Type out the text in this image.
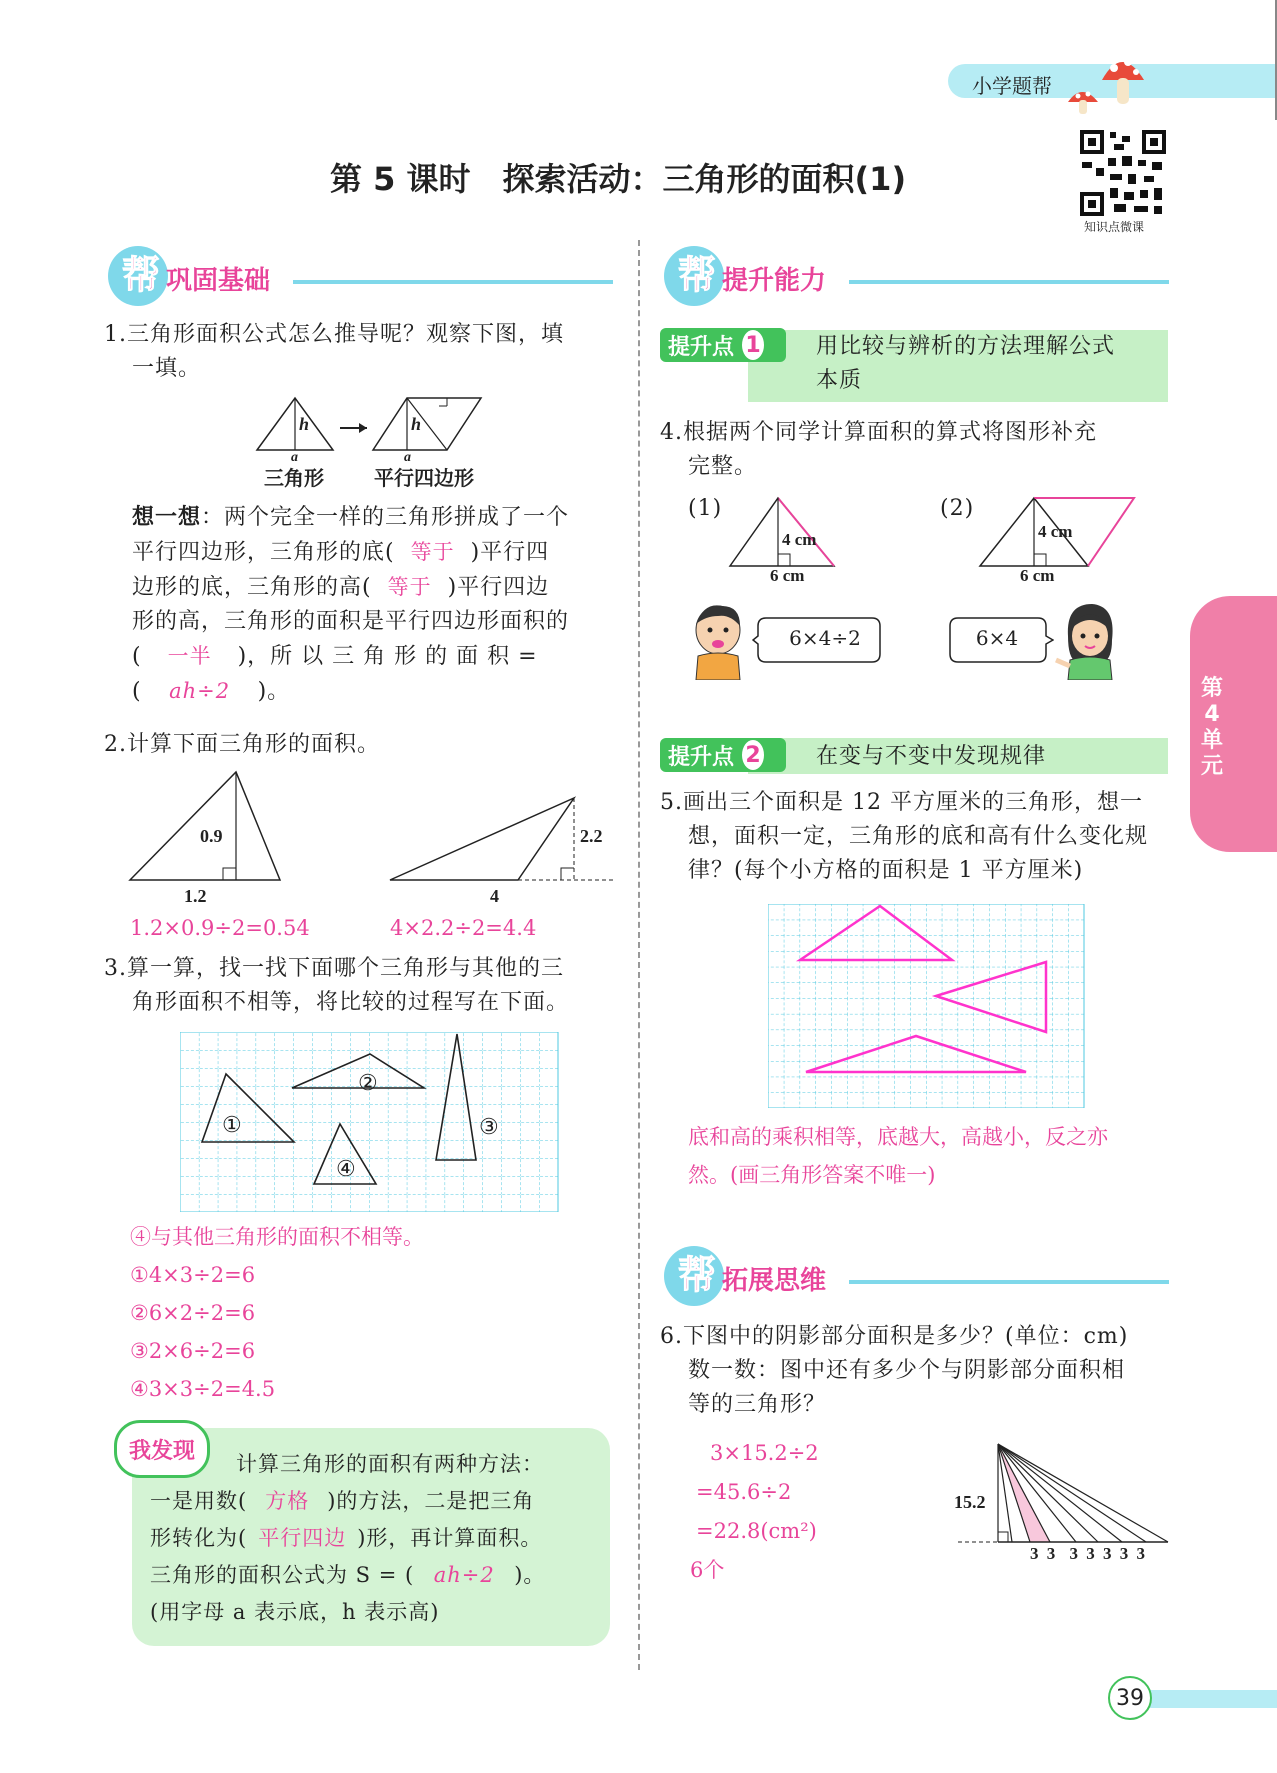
小学题帮
知识点微课
第 5 课时　探索活动：三角形的面积(1)
帮 巩固基础
1.三角形面积公式怎么推导呢？观察下图，填
一填。
h
a
h
a
三角形	平行四边形
想一想：两个完全一样的三角形拼成了一个
平行四边形，三角形的底( 等于 )平行四
边形的底，三角形的高( 等于 )平行四边
形的高，三角形的面积是平行四边形面积的
( 一半 )，所 以 三 角 形 的 面 积 =
( ah÷2 )。
2.计算下面三角形的面积。
0.9
1.2
2.2
4
1.2×0.9÷2=0.54	4×2.2÷2=4.4
3.算一算，找一找下面哪个三角形与其他的三
角形面积不相等，将比较的过程写在下面。
①
②
③
④
④与其他三角形的面积不相等。
①4×3÷2=6
②6×2÷2=6
③2×6÷2=6
④3×3÷2=4.5
我发现
计算三角形的面积有两种方法：
一是用数( 方格 )的方法，二是把三角
形转化为( 平行四边 )形，再计算面积。
三角形的面积公式为 S = ( ah÷2 )。
(用字母 a 表示底，h 表示高)
帮 提升能力
提升点 1	用比较与辨析的方法理解公式
本质
4.根据两个同学计算面积的算式将图形补充
完整。
(1)	(2)
4 cm
6 cm
4 cm
6 cm
6×4÷2	6×4
提升点 2	在变与不变中发现规律
5.画出三个面积是 12 平方厘米的三角形，想一
想，面积一定，三角形的底和高有什么变化规
律？(每个小方格的面积是 1 平方厘米)
底和高的乘积相等，底越大，高越小，反之亦
然。(画三角形答案不唯一)
帮 拓展思维
6.下图中的阴影部分面积是多少？(单位：cm)
数一数：图中还有多少个与阴影部分面积相
等的三角形？
3×15.2÷2
=45.6÷2
=22.8(cm²)
6个
15.2
3 3 3 3 3 3 3
第4单元
39
